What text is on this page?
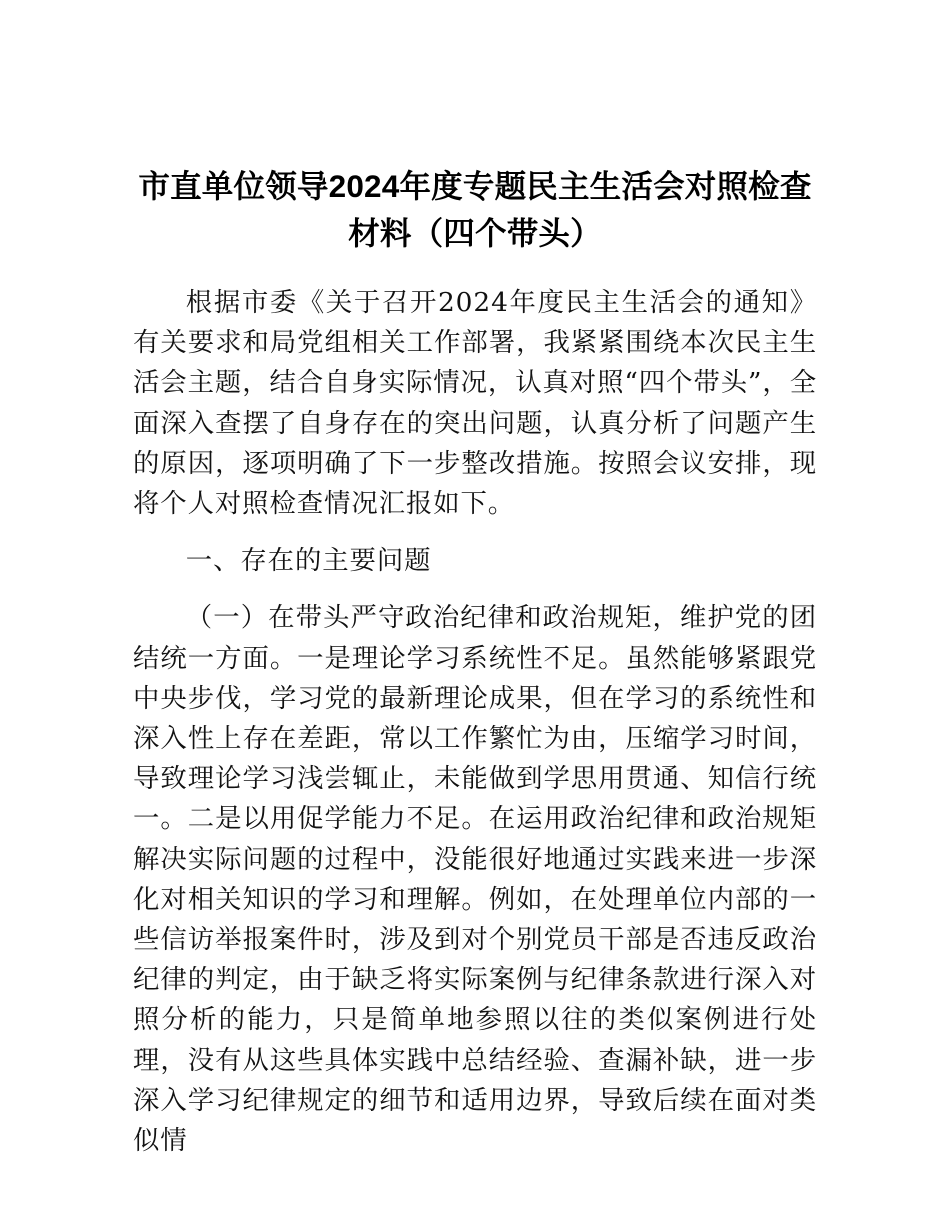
市直单位领导2024年度专题民主生活会对照检查材料（四个带头）

根据市委《关于召开2024年度民主生活会的通知》有关要求和局党组相关工作部署，我紧紧围绕本次民主生活会主题，结合自身实际情况，认真对照“四个带头”，全面深入查摆了自身存在的突出问题，认真分析了问题产生的原因，逐项明确了下一步整改措施。按照会议安排，现将个人对照检查情况汇报如下。

一、存在的主要问题

（一）在带头严守政治纪律和政治规矩，维护党的团结统一方面。一是理论学习系统性不足。虽然能够紧跟党中央步伐，学习党的最新理论成果，但在学习的系统性和深入性上存在差距，常以工作繁忙为由，压缩学习时间，导致理论学习浅尝辄止，未能做到学思用贯通、知信行统一。二是以用促学能力不足。在运用政治纪律和政治规矩解决实际问题的过程中，没能很好地通过实践来进一步深化对相关知识的学习和理解。例如，在处理单位内部的一些信访举报案件时，涉及到对个别党员干部是否违反政治纪律的判定，由于缺乏将实际案例与纪律条款进行深入对照分析的能力，只是简单地参照以往的类似案例进行处理，没有从这些具体实践中总结经验、查漏补缺，进一步深入学习纪律规定的细节和适用边界，导致后续在面对类似情
